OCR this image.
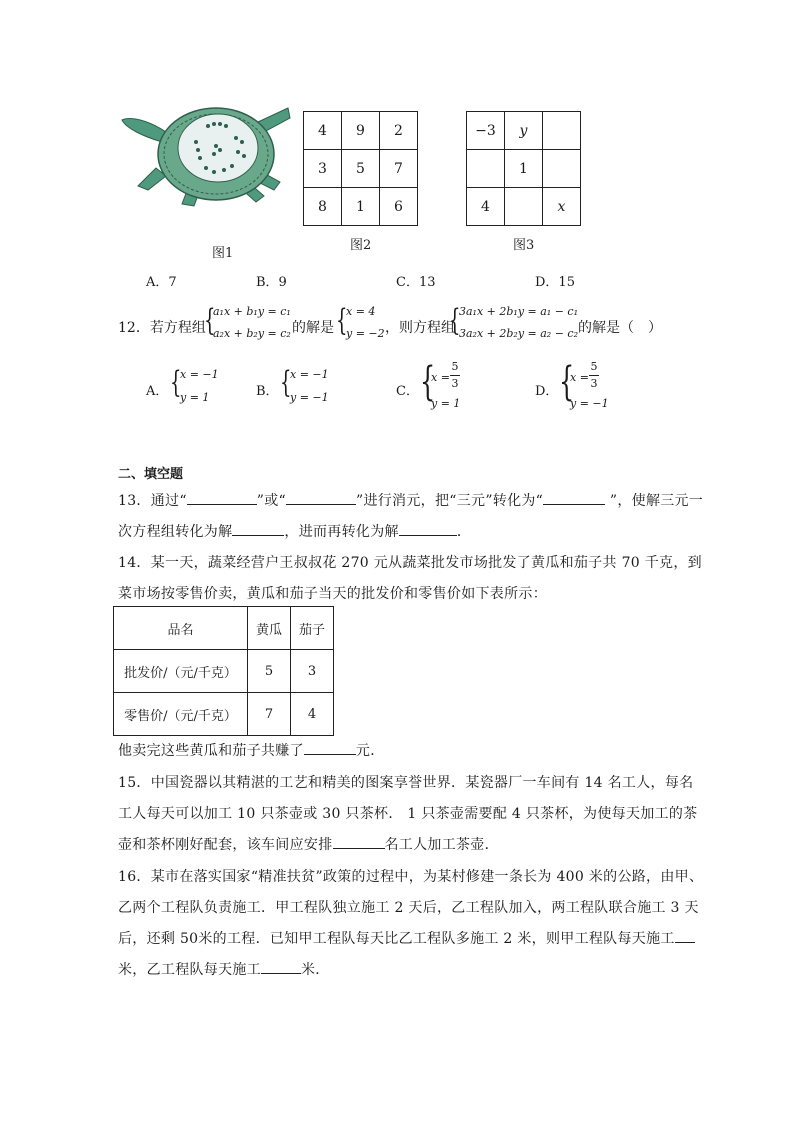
图1
4	9	2
3	5	7
8	1	6
图2
−3	y	
	1	
4		x
图3
A．7	B．9	C．13	D．15
12．若方程组
{
a₁x + b₁y = c₁
a₂x + b₂y = c₂ 的解是 {
x = 4
y = −2 ，则方程组
{
3a₁x + 2b₁y = a₁ − c₁
3a₂x + 2b₂y = a₂ − c₂ 的解是（　）
A． {
x = −1
y = 1	B． {
x = −1
y = −1	C． {
x =
5
3
y = 1
D． {
x =
5
3
y = −1
二、填空题
13．通过“	”或“	”进行消元，把“三元”转化为“	”，使解三元一
次方程组转化为解	，进而再转化为解	．
14．某一天，蔬菜经营户王叔叔花 270 元从蔬菜批发市场批发了黄瓜和茄子共 70 千克，到
菜市场按零售价卖，黄瓜和茄子当天的批发价和零售价如下表所示：
品名	黄瓜	茄子
批发价/（元/千克）	5	3
零售价/（元/千克）	7	4
他卖完这些黄瓜和茄子共赚了	元．
15．中国瓷器以其精湛的工艺和精美的图案享誉世界．某瓷器厂一车间有 14 名工人，每名
工人每天可以加工 10 只茶壶或 30 只茶杯． 1 只茶壶需要配 4 只茶杯，为使每天加工的茶
壶和茶杯刚好配套，该车间应安排	名工人加工茶壶．
16．某市在落实国家“精准扶贫”政策的过程中，为某村修建一条长为 400 米的公路，由甲、
乙两个工程队负责施工．甲工程队独立施工 2 天后，乙工程队加入，两工程队联合施工 3 天
后，还剩 50米的工程．已知甲工程队每天比乙工程队多施工 2 米，则甲工程队每天施工
米，乙工程队每天施工	米．
